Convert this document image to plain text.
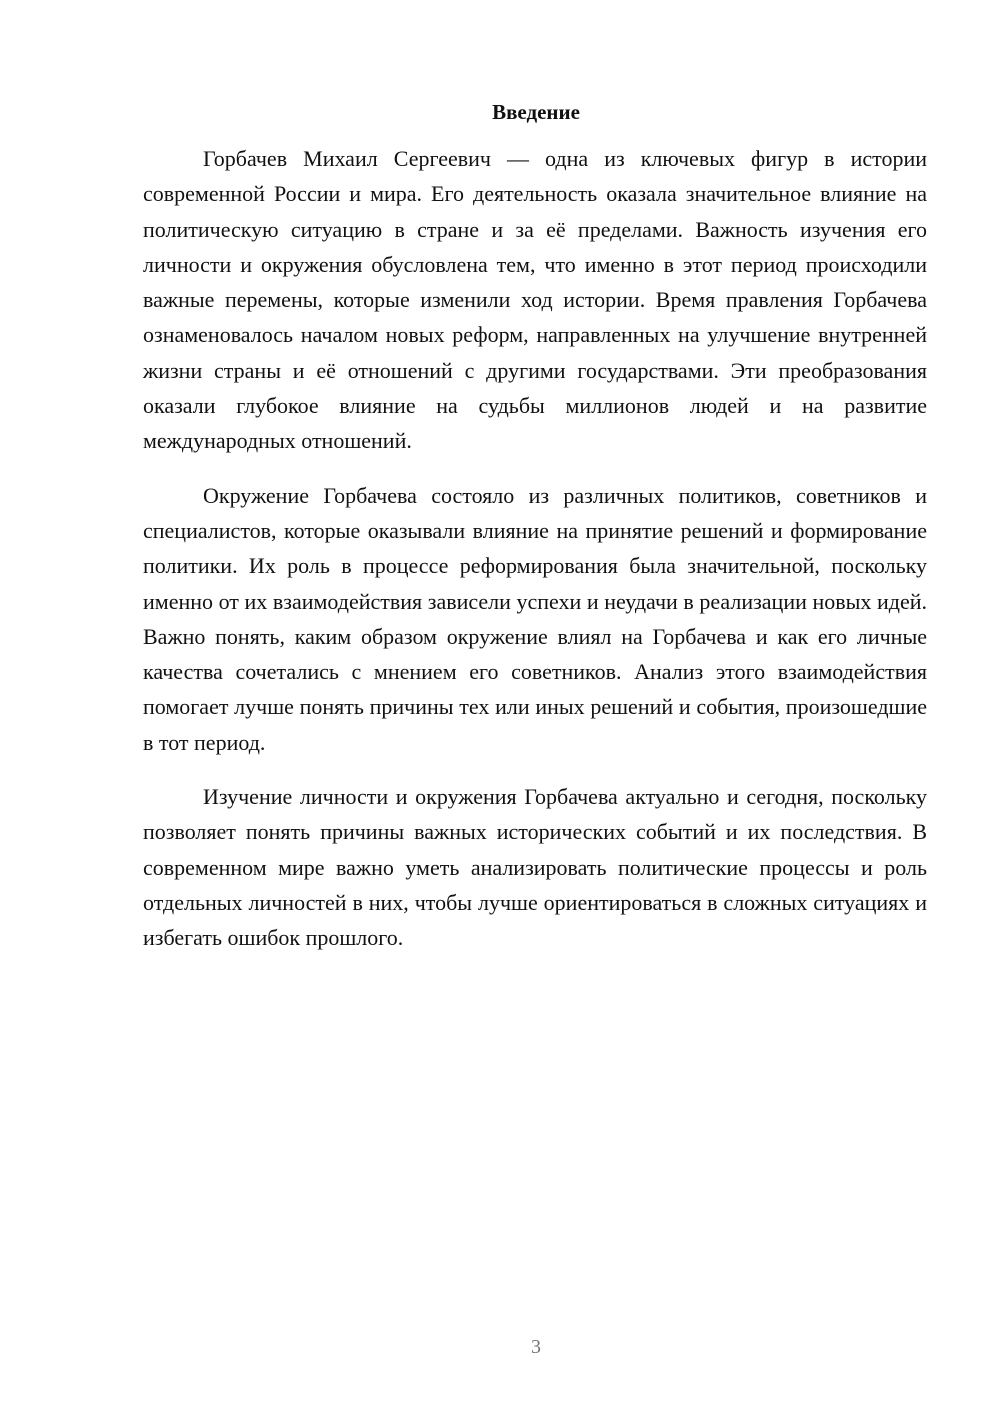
Введение

Горбачев Михаил Сергеевич — одна из ключевых фигур в истории современной России и мира. Его деятельность оказала значительное влияние на политическую ситуацию в стране и за её пределами. Важность изучения его личности и окружения обусловлена тем, что именно в этот период происходили важные перемены, которые изменили ход истории. Время правления Горбачева ознаменовалось началом новых реформ, направленных на улучшение внутренней жизни страны и её отношений с другими государствами. Эти преобразования оказали глубокое влияние на судьбы миллионов людей и на развитие международных отношений.

Окружение Горбачева состояло из различных политиков, советников и специалистов, которые оказывали влияние на принятие решений и формирование политики. Их роль в процессе реформирования была значительной, поскольку именно от их взаимодействия зависели успехи и неудачи в реализации новых идей. Важно понять, каким образом окружение влиял на Горбачева и как его личные качества сочетались с мнением его советников. Анализ этого взаимодействия помогает лучше понять причины тех или иных решений и события, произошедшие в тот период.

Изучение личности и окружения Горбачева актуально и сегодня, поскольку позволяет понять причины важных исторических событий и их последствия. В современном мире важно уметь анализировать политические процессы и роль отдельных личностей в них, чтобы лучше ориентироваться в сложных ситуациях и избегать ошибок прошлого.

3
